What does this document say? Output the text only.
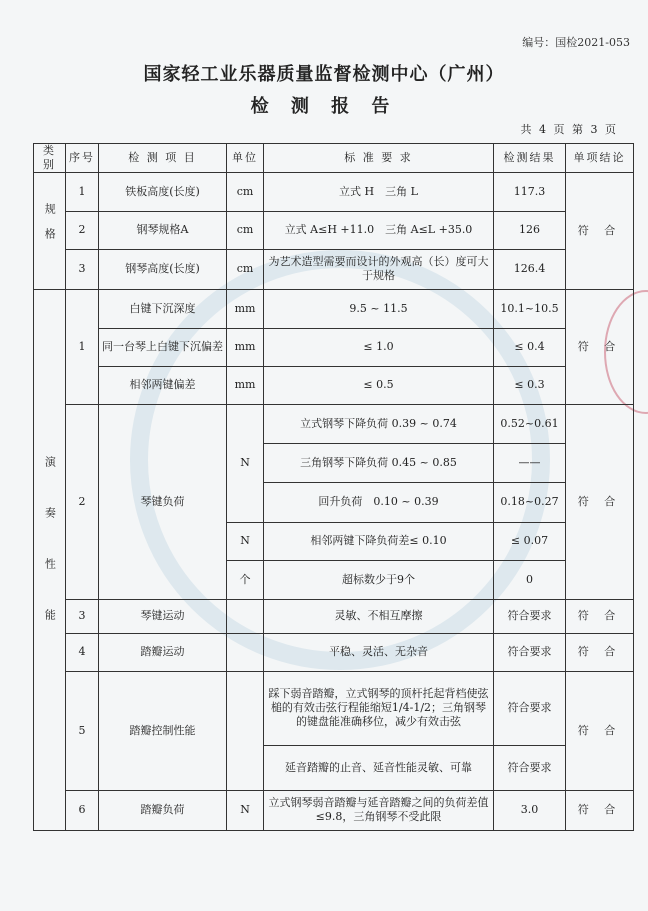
编号：国检2021-053
国家轻工业乐器质量监督检测中心（广州）
检 测 报 告
共 4 页 第 3 页
类别	序号	检 测 项 目	单位	标 准 要 求	检测结果	单项结论
规格	1	铁板高度(长度)	cm	立式 H　三角 L	117.3	符 合
	2	钢琴规格A	cm	立式 A≤H +11.0　三角 A≤L +35.0	126	
	3	钢琴高度(长度)	cm	为艺术造型需要而设计的外观高（长）度可大于规格	126.4	
演奏性能	1	白键下沉深度	mm	9.5 ~ 11.5	10.1~10.5	符 合
		同一台琴上白键下沉偏差	mm	≤ 1.0	≤ 0.4	
		相邻两键偏差	mm	≤ 0.5	≤ 0.3	
	2	琴键负荷	N	立式钢琴下降负荷 0.39 ~ 0.74	0.52~0.61	符 合
				三角钢琴下降负荷 0.45 ~ 0.85	——	
				回升负荷　0.10 ~ 0.39	0.18~0.27	
			N	相邻两键下降负荷差≤ 0.10	≤ 0.07	
			个	超标数少于9个	0	
	3	琴键运动		灵敏、不相互摩擦	符合要求	符 合
	4	踏瓣运动		平稳、灵活、无杂音	符合要求	符 合
	5	踏瓣控制性能		踩下弱音踏瓣，立式钢琴的顶杆托起背档使弦槌的有效击弦行程能缩短1/4-1/2；三角钢琴的键盘能准确移位，减少有效击弦	符合要求	符 合
				延音踏瓣的止音、延音性能灵敏、可靠	符合要求	
	6	踏瓣负荷	N	立式钢琴弱音踏瓣与延音踏瓣之间的负荷差值≤9.8，三角钢琴不受此限	3.0	符 合
